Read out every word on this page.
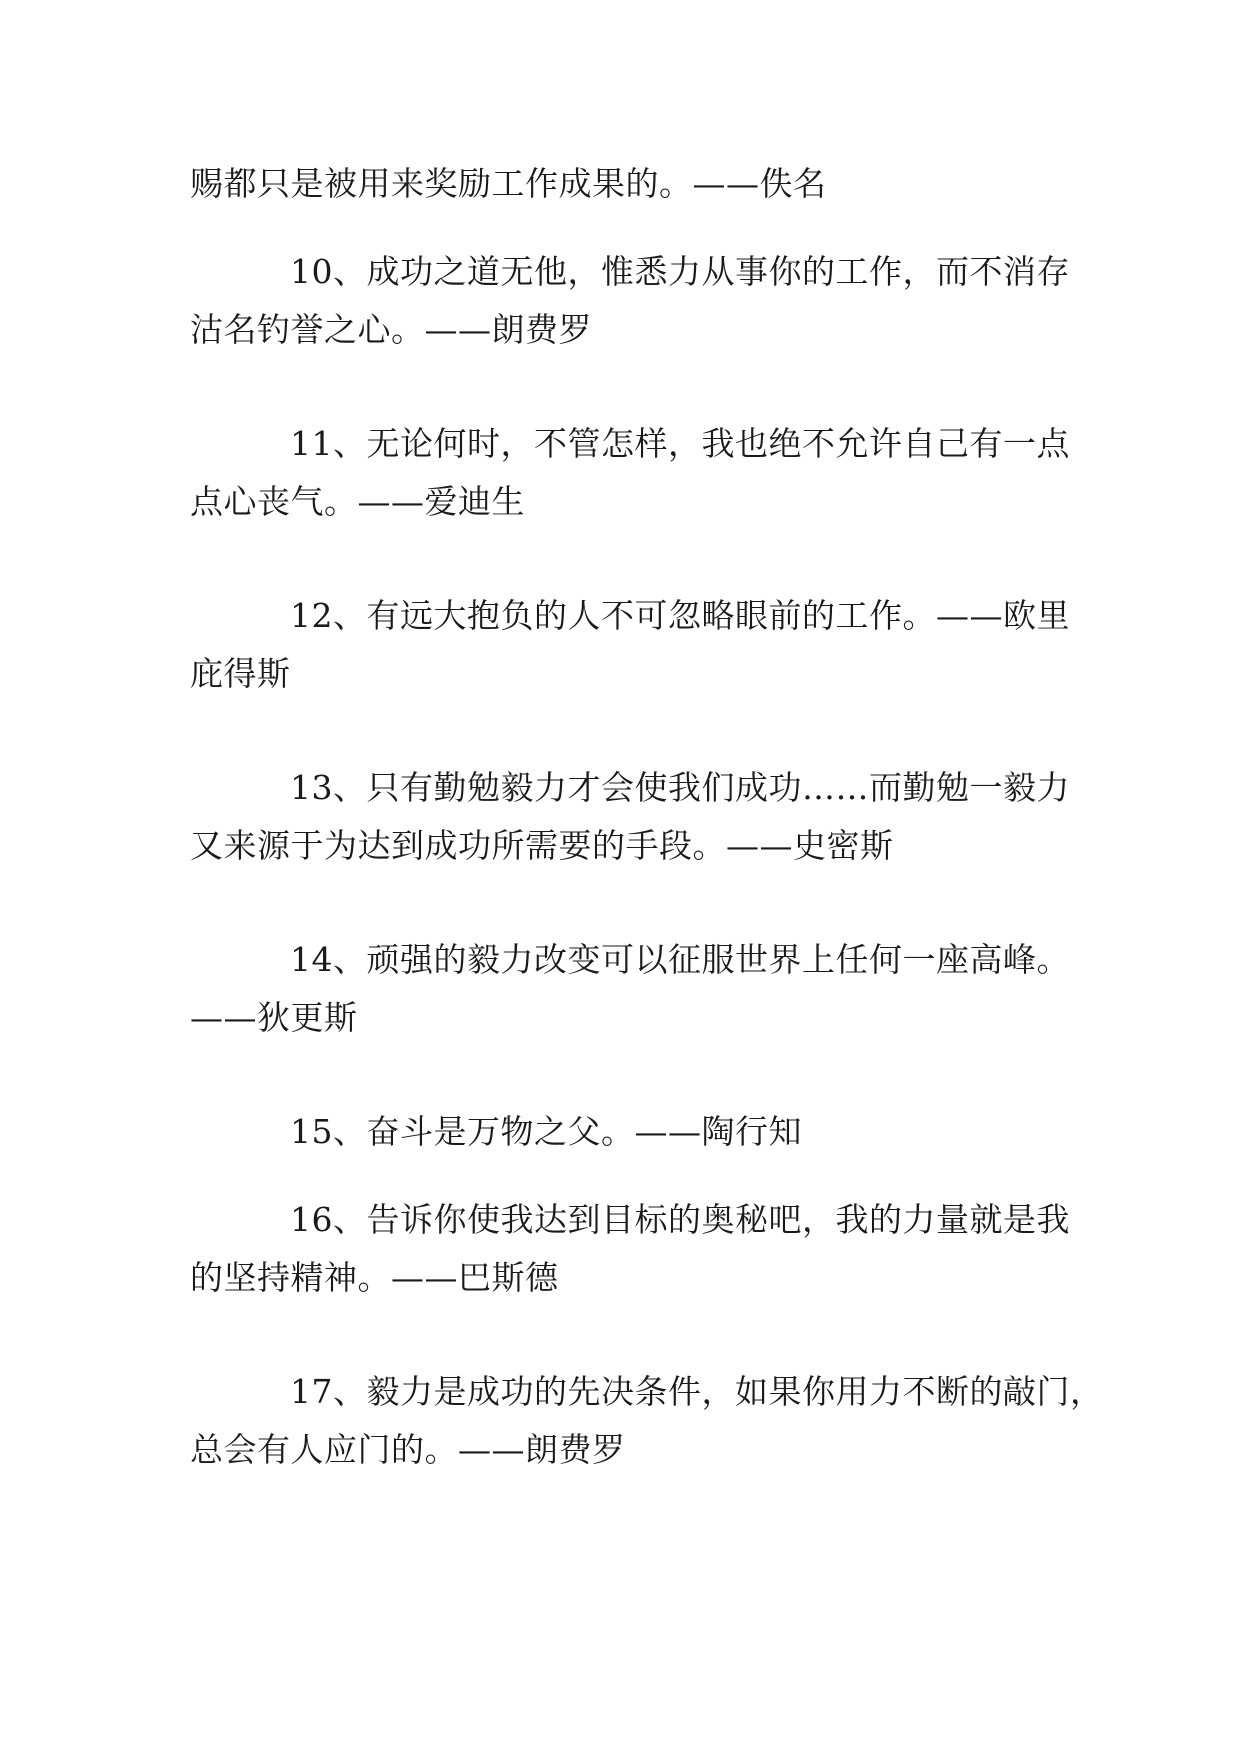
赐都只是被用来奖励工作成果的。——佚名
10、成功之道无他，惟悉力从事你的工作，而不消存
沽名钓誉之心。——朗费罗
11、无论何时，不管怎样，我也绝不允许自己有一点
点心丧气。——爱迪生
12、有远大抱负的人不可忽略眼前的工作。——欧里
庇得斯
13、只有勤勉毅力才会使我们成功……而勤勉一毅力
又来源于为达到成功所需要的手段。——史密斯
14、顽强的毅力改变可以征服世界上任何一座高峰。
——狄更斯
15、奋斗是万物之父。——陶行知
16、告诉你使我达到目标的奥秘吧，我的力量就是我
的坚持精神。——巴斯德
17、毅力是成功的先决条件，如果你用力不断的敲门，
总会有人应门的。——朗费罗
